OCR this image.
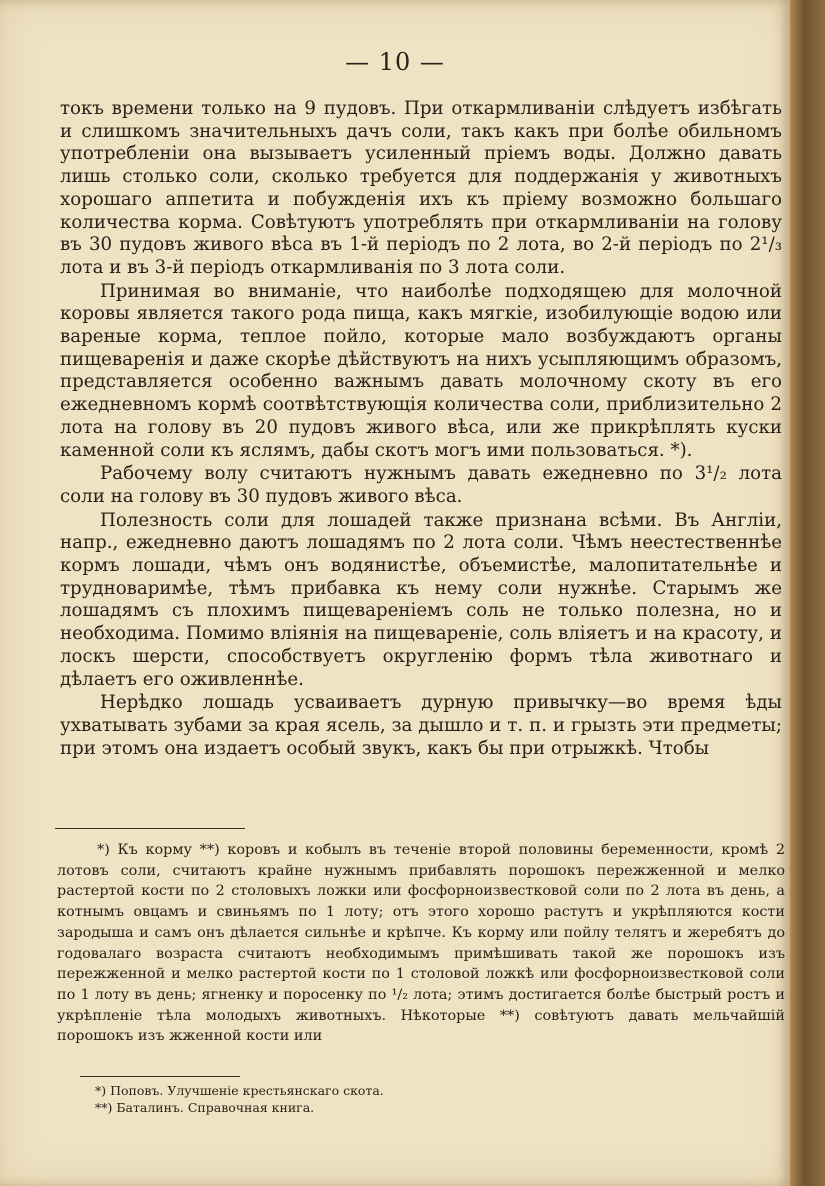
— 10 —

токъ времени только на 9 пудовъ. При откармливаніи слѣдуетъ избѣгать и слишкомъ значительныхъ дачъ соли, такъ какъ при болѣе обильномъ употребленіи она вызываетъ усиленный пріемъ воды. Должно давать лишь столько соли, сколько требуется для поддержанія у животныхъ хорошаго аппетита и побужденія ихъ къ пріему возможно большаго количества корма. Совѣтуютъ употреблять при откармливаніи на голову въ 30 пудовъ живого вѣса въ 1-й періодъ по 2 лота, во 2-й періодъ по 2¹/₃ лота и въ 3-й періодъ откармливанія по 3 лота соли.

Принимая во вниманіе, что наиболѣе подходящею для молочной коровы является такого рода пища, какъ мягкіе, изобилующіе водою или вареные корма, теплое пойло, которые мало возбуждаютъ органы пищеваренія и даже скорѣе дѣйствуютъ на нихъ усыпляющимъ образомъ, представляется особенно важнымъ давать молочному скоту въ его ежедневномъ кормѣ соотвѣтствующія количества соли, приблизительно 2 лота на голову въ 20 пудовъ живого вѣса, или же прикрѣплять куски каменной соли къ яслямъ, дабы скотъ могъ ими пользоваться. *).

Рабочему волу считаютъ нужнымъ давать ежедневно по 3¹/₂ лота соли на голову въ 30 пудовъ живого вѣса.

Полезность соли для лошадей также признана всѣми. Въ Англіи, напр., ежедневно даютъ лошадямъ по 2 лота соли. Чѣмъ неестественнѣе кормъ лошади, чѣмъ онъ водянистѣе, объемистѣе, малопитательнѣе и трудноваримѣе, тѣмъ прибавка къ нему соли нужнѣе. Старымъ же лошадямъ съ плохимъ пищевареніемъ соль не только полезна, но и необходима. Помимо вліянія на пищевареніе, соль вліяетъ и на красоту, и лоскъ шерсти, способствуетъ округленію формъ тѣла животнаго и дѣлаетъ его оживленнѣе.

Нерѣдко лошадь усваиваетъ дурную привычку—во время ѣды ухватывать зубами за края ясель, за дышло и т. п. и грызть эти предметы; при этомъ она издаетъ особый звукъ, какъ бы при отрыжкѣ. Чтобы

*) Къ корму **) коровъ и кобылъ въ теченіе второй половины беременности, кромѣ 2 лотовъ соли, считаютъ крайне нужнымъ прибавлять порошокъ пережженной и мелко растертой кости по 2 столовыхъ ложки или фосфорноизвестковой соли по 2 лота въ день, а котнымъ овцамъ и свиньямъ по 1 лоту; отъ этого хорошо растутъ и укрѣпляются кости зародыша и самъ онъ дѣлается сильнѣе и крѣпче. Къ корму или пойлу телятъ и жеребятъ до годовалаго возраста считаютъ необходимымъ примѣшивать такой же порошокъ изъ пережженной и мелко растертой кости по 1 столовой ложкѣ или фосфорноизвестковой соли по 1 лоту въ день; ягненку и поросенку по ¹/₂ лота; этимъ достигается болѣе быстрый ростъ и укрѣпленіе тѣла молодыхъ животныхъ. Нѣкоторые **) совѣтуютъ давать мельчайшій порошокъ изъ жженной кости или

*) Поповъ. Улучшеніе крестьянскаго скота.

**) Баталинъ. Справочная книга.
